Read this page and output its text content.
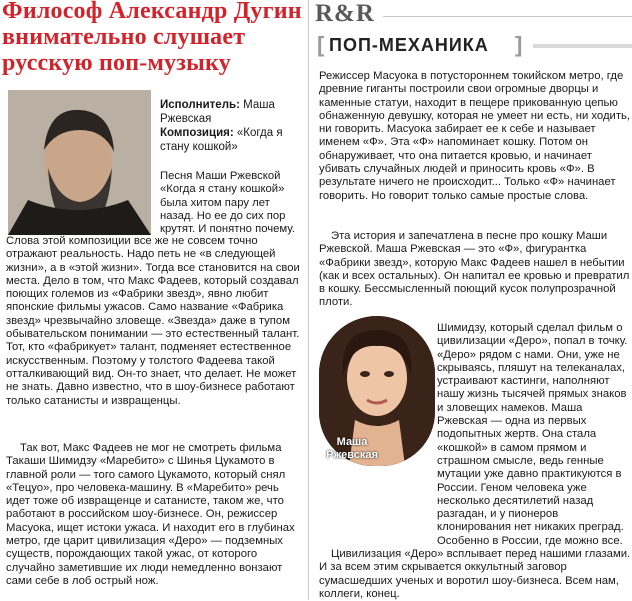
Философ Александр Дугин внимательно слушает русскую поп-музыку
Исполнитель: Маша Ржевская
Композиция: «Когда я стану кошкой»

Песня Маши Ржевской «Когда я стану кошкой» была хитом пару лет назад. Но ее до сих пор крутят. И понятно почему.

Слова этой композиции все же не совсем точно отражают реальность. Надо петь не «в следующей жизни», а в «этой жизни». Тогда все становится на свои места. Дело в том, что Макс Фадеев, который создавал поющих големов из «Фабрики звезд», явно любит японские фильмы ужасов. Само название «Фабрика звезд» чрезвычайно зловеще. «Звезда» даже в тупом обывательском понимании — это естественный талант. Тот, кто «фабрикует» талант, подменяет естественное искусственным. Поэтому у толстого Фадеева такой отталкивающий вид. Он-то знает, что делает. Не может не знать. Давно известно, что в шоу-бизнесе работают только сатанисты и извращенцы.

Так вот, Макс Фадеев не мог не смотреть фильма Такаши Шимидзу «Маребито» с Шинья Цукамото в главной роли — того самого Цукамото, который снял «Тецуо», про человека-машину. В «Маребито» речь идет тоже об извращенце и сатанисте, таком же, что работают в российском шоу-бизнесе. Он, режиссер Масуока, ищет истоки ужаса. И находит его в глубинах метро, где царит цивилизация «Деро» — подземных существ, порождающих такой ужас, от которого случайно заметившие их люди немедленно вонзают сами себе в лоб острый нож.

R&R
[ ПОП-МЕХАНИКА ]

Режиссер Масуока в потустороннем токийском метро, где древние гиганты построили свои огромные дворцы и каменные статуи, находит в пещере прикованную цепью обнаженную девушку, которая не умеет ни есть, ни ходить, ни говорить. Масуока забирает ее к себе и называет именем «Ф». Эта «Ф» напоминает кошку. Потом он обнаруживает, что она питается кровью, и начинает убивать случайных людей и приносить кровь «Ф». В результате ничего не происходит... Только «Ф» начинает говорить. Но говорит только самые простые слова.

Эта история и запечатлена в песне про кошку Маши Ржевской. Маша Ржевская — это «Ф», фигурантка «Фабрики звезд», которую Макс Фадеев нашел в небытии (как и всех остальных). Он напитал ее кровью и превратил в кошку. Бессмысленный поющий кусок полупрозрачной плоти.

Маша Ржевская

Шимидзу, который сделал фильм о цивилизации «Деро», попал в точку. «Деро» рядом с нами. Они, уже не скрываясь, пляшут на телеканалах, устраивают кастинги, наполняют нашу жизнь тысячей прямых знаков и зловещих намеков. Маша Ржевская — одна из первых подопытных жертв. Она стала «кошкой» в самом прямом и страшном смысле, ведь генные мутации уже давно практикуются в России. Геном человека уже несколько десятилетий назад разгадан, и у пионеров клонирования нет никаких преград. Особенно в России, где можно все.

Цивилизация «Деро» всплывает перед нашими глазами. И за всем этим скрывается оккультный заговор сумасшедших ученых и воротил шоу-бизнеса. Всем нам, коллеги, конец.
